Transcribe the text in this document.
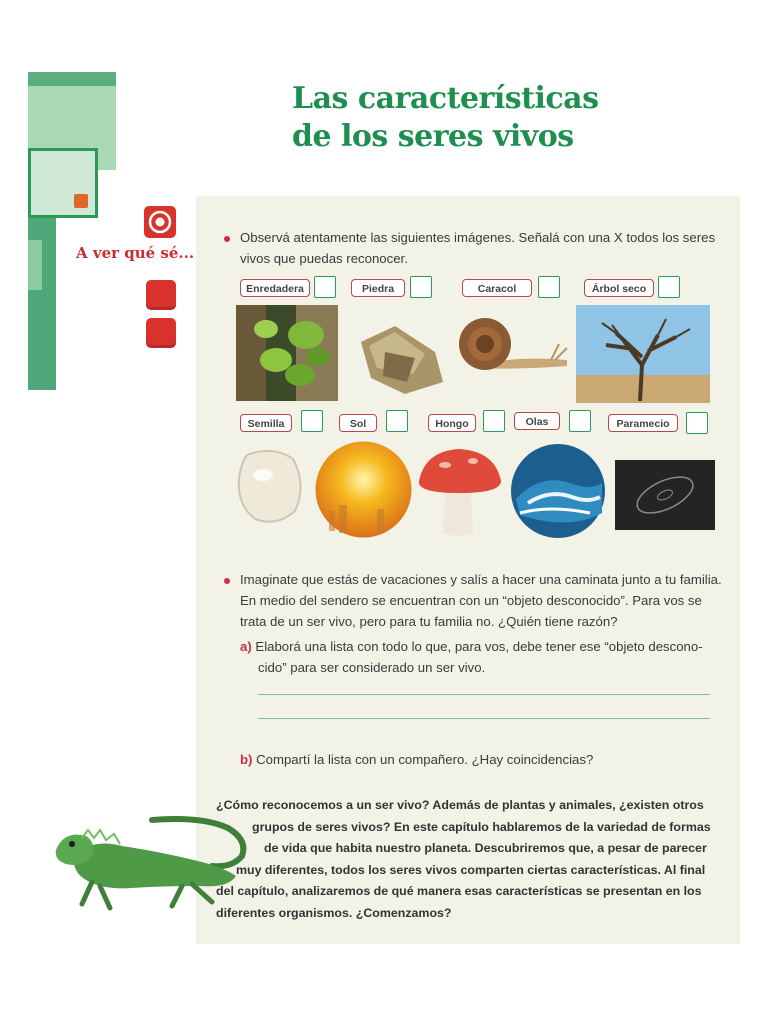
Las características
de los seres vivos
A ver qué sé...
Observá atentamente las siguientes imágenes. Señalá con una X todos los seres
vivos que puedas reconocer.
Enredadera	Piedra	Caracol	Árbol seco
Semilla	Sol	Hongo	Olas	Paramecio
Imaginate que estás de vacaciones y salís a hacer una caminata junto a tu familia.
En medio del sendero se encuentran con un “objeto desconocido”. Para vos se
trata de un ser vivo, pero para tu familia no. ¿Quién tiene razón?
a) Elaborá una lista con todo lo que, para vos, debe tener ese “objeto descono-
cido” para ser considerado un ser vivo.
b) Compartí la lista con un compañero. ¿Hay coincidencias?
¿Cómo reconocemos a un ser vivo? Además de plantas y animales, ¿existen otros
grupos de seres vivos? En este capítulo hablaremos de la variedad de formas
de vida que habita nuestro planeta. Descubriremos que, a pesar de parecer
muy diferentes, todos los seres vivos comparten ciertas características. Al final
del capítulo, analizaremos de qué manera esas características se presentan en los
diferentes organismos. ¿Comenzamos?
